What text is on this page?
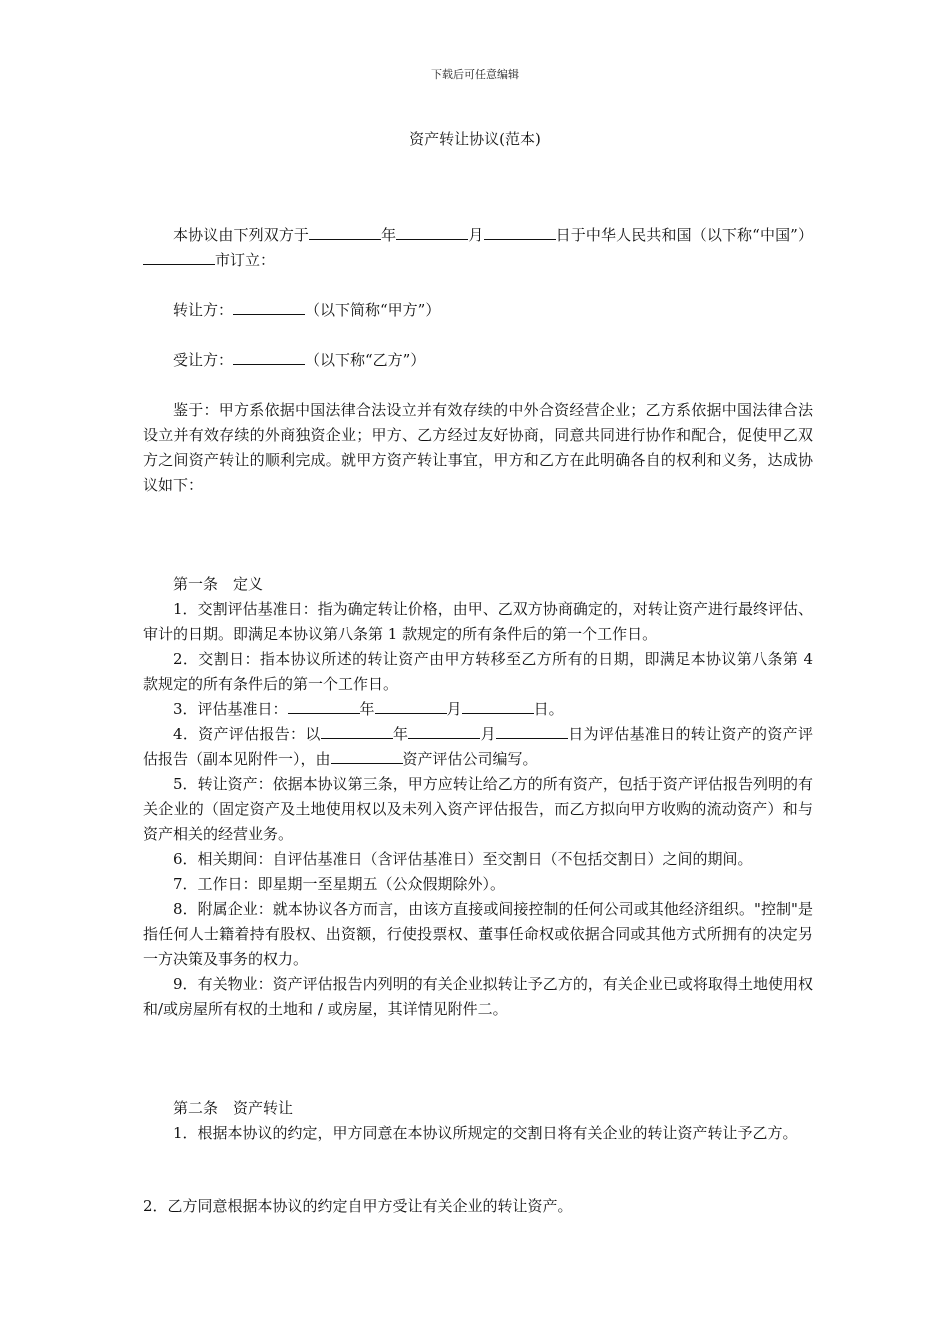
下载后可任意编辑
资产转让协议(范本)

本协议由下列双方于	年	月	日于中华人民共和国（以下称“中国”）市订立：

转让方：	（以下简称“甲方”）

受让方：	（以下称“乙方”）

鉴于：甲方系依据中国法律合法设立并有效存续的中外合资经营企业；乙方系依据中国法律合法设立并有效存续的外商独资企业；甲方、乙方经过友好协商，同意共同进行协作和配合，促使甲乙双方之间资产转让的顺利完成。就甲方资产转让事宜，甲方和乙方在此明确各自的权利和义务，达成协议如下：

第一条　定义

1．交割评估基准日：指为确定转让价格，由甲、乙双方协商确定的，对转让资产进行最终评估、审计的日期。即满足本协议第八条第 1 款规定的所有条件后的第一个工作日。

2．交割日：指本协议所述的转让资产由甲方转移至乙方所有的日期，即满足本协议第八条第 4 款规定的所有条件后的第一个工作日。

3．评估基准日：	年	月	日。

4．资产评估报告：以	年	月	日为评估基准日的转让资产的资产评估报告（副本见附件一），由	资产评估公司编写。

5．转让资产：依据本协议第三条，甲方应转让给乙方的所有资产，包括于资产评估报告列明的有关企业的（固定资产及土地使用权以及未列入资产评估报告，而乙方拟向甲方收购的流动资产）和与资产相关的经营业务。

6．相关期间：自评估基准日（含评估基准日）至交割日（不包括交割日）之间的期间。

7．工作日：即星期一至星期五（公众假期除外）。

8．附属企业：就本协议各方而言，由该方直接或间接控制的任何公司或其他经济组织。"控制"是指任何人士籍着持有股权、出资额，行使投票权、董事任命权或依据合同或其他方式所拥有的决定另一方决策及事务的权力。

9．有关物业：资产评估报告内列明的有关企业拟转让予乙方的，有关企业已或将取得土地使用权和/或房屋所有权的土地和 / 或房屋，其详情见附件二。

第二条　资产转让

1．根据本协议的约定，甲方同意在本协议所规定的交割日将有关企业的转让资产转让予乙方。

2．乙方同意根据本协议的约定自甲方受让有关企业的转让资产。
